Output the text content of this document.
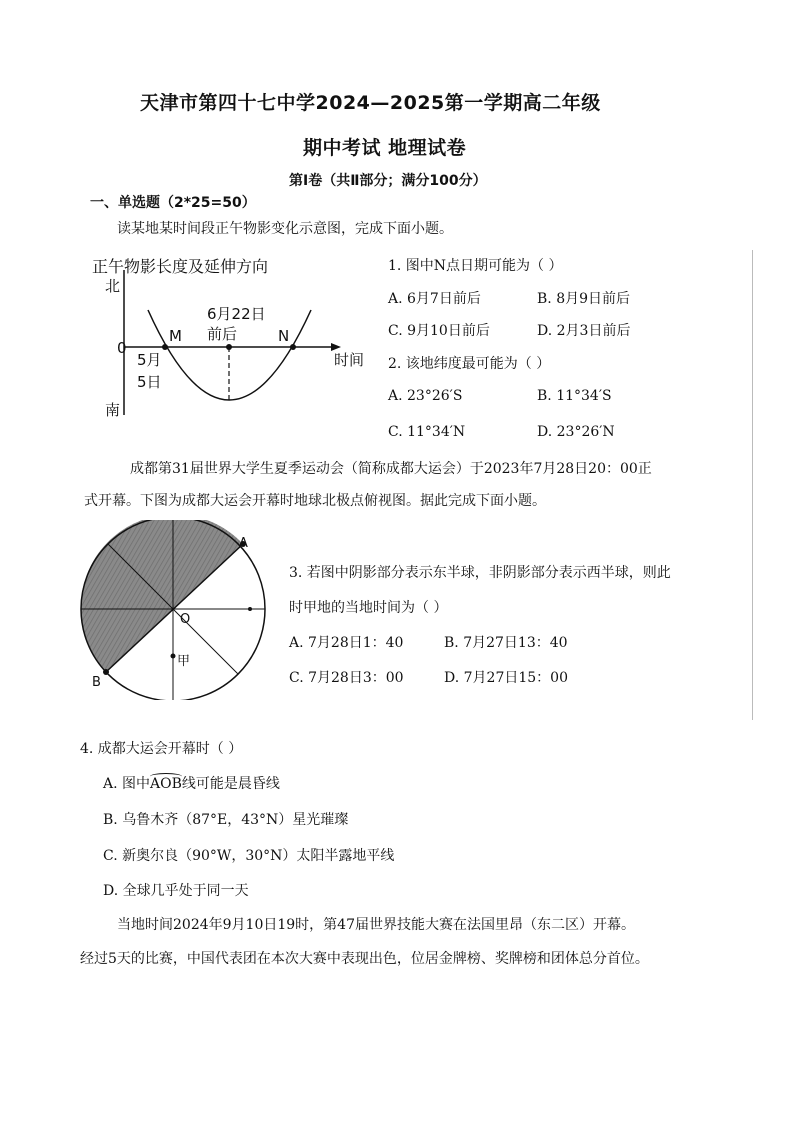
天津市第四十七中学2024—2025第一学期高二年级
期中考试 地理试卷
第Ⅰ卷（共Ⅱ部分；满分100分）
一、单选题（2*25=50）
读某地某时间段正午物影变化示意图，完成下面小题。
正午物影长度及延伸方向
北
0
南
时间
M	N
5月
5日
6月22日
前后
1. 图中N点日期可能为（ ）
A. 6月7日前后	B. 8月9日前后
C. 9月10日前后	D. 2月3日前后
2. 该地纬度最可能为（ ）
A. 23°26′S	B. 11°34′S
C. 11°34′N	D. 23°26′N
成都第31届世界大学生夏季运动会（简称成都大运会）于2023年7月28日20：00正
式开幕。下图为成都大运会开幕时地球北极点俯视图。据此完成下面小题。
A
B
O
甲
3. 若图中阴影部分表示东半球，非阴影部分表示西半球，则此
时甲地的当地时间为（ ）
A. 7月28日1：40	B. 7月27日13：40
C. 7月28日3：00	D. 7月27日15：00
4. 成都大运会开幕时（ ）
A. 图中AOB线可能是晨昏线
B. 乌鲁木齐（87°E，43°N）星光璀璨
C. 新奥尔良（90°W，30°N）太阳半露地平线
D. 全球几乎处于同一天
当地时间2024年9月10日19时，第47届世界技能大赛在法国里昂（东二区）开幕。
经过5天的比赛，中国代表团在本次大赛中表现出色，位居金牌榜、奖牌榜和团体总分首位。
